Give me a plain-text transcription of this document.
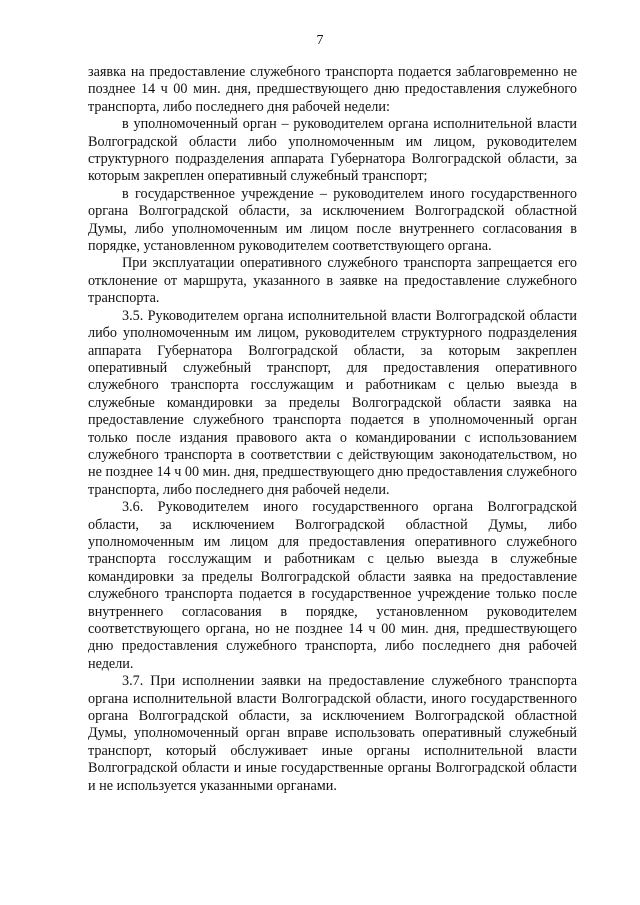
7

заявка на предоставление служебного транспорта подается заблаговременно не позднее 14 ч 00 мин. дня, предшествующего дню предоставления служебного транспорта, либо последнего дня рабочей недели:

в уполномоченный орган – руководителем органа исполнительной власти Волгоградской области либо уполномоченным им лицом, руководителем структурного подразделения аппарата Губернатора Волгоградской области, за которым закреплен оперативный служебный транспорт;

в государственное учреждение – руководителем иного государственного органа Волгоградской области, за исключением Волгоградской областной Думы, либо уполномоченным им лицом после внутреннего согласования в порядке, установленном руководителем соответствующего органа.

При эксплуатации оперативного служебного транспорта запрещается его отклонение от маршрута, указанного в заявке на предоставление служебного транспорта.

3.5. Руководителем органа исполнительной власти Волгоградской области либо уполномоченным им лицом, руководителем структурного подразделения аппарата Губернатора Волгоградской области, за которым закреплен оперативный служебный транспорт, для предоставления оперативного служебного транспорта госслужащим и работникам с целью выезда в служебные командировки за пределы Волгоградской области заявка на предоставление служебного транспорта подается в уполномоченный орган только после издания правового акта о командировании с использованием служебного транспорта в соответствии с действующим законодательством, но не позднее 14 ч 00 мин. дня, предшествующего дню предоставления служебного транспорта, либо последнего дня рабочей недели.

3.6. Руководителем иного государственного органа Волгоградской области, за исключением Волгоградской областной Думы, либо уполномоченным им лицом для предоставления оперативного служебного транспорта госслужащим и работникам с целью выезда в служебные командировки за пределы Волгоградской области заявка на предоставление служебного транспорта подается в государственное учреждение только после внутреннего согласования в порядке, установленном руководителем соответствующего органа, но не позднее 14 ч 00 мин. дня, предшествующего дню предоставления служебного транспорта, либо последнего дня рабочей недели.

3.7. При исполнении заявки на предоставление служебного транспорта органа исполнительной власти Волгоградской области, иного государственного органа Волгоградской области, за исключением Волгоградской областной Думы, уполномоченный орган вправе использовать оперативный служебный транспорт, который обслуживает иные органы исполнительной власти Волгоградской области и иные государственные органы Волгоградской области и не используется указанными органами.
